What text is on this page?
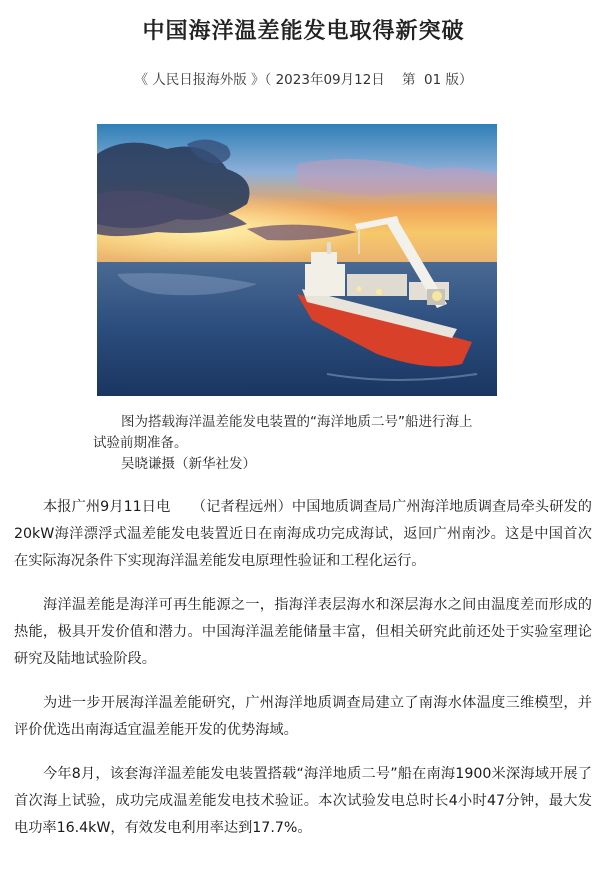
中国海洋温差能发电取得新突破
《 人民日报海外版 》（ 2023年09月12日    第  01 版）
图为搭载海洋温差能发电装置的“海洋地质二号”船进行海上
试验前期准备。
吴晓谦摄（新华社发）

本报广州9月11日电　　（记者程远州）中国地质调查局广州海洋地质调查局牵头研发的20kW海洋漂浮式温差能发电装置近日在南海成功完成海试，返回广州南沙。这是中国首次在实际海况条件下实现海洋温差能发电原理性验证和工程化运行。

海洋温差能是海洋可再生能源之一，指海洋表层海水和深层海水之间由温度差而形成的热能，极具开发价值和潜力。中国海洋温差能储量丰富，但相关研究此前还处于实验室理论研究及陆地试验阶段。

为进一步开展海洋温差能研究，广州海洋地质调查局建立了南海水体温度三维模型，并评价优选出南海适宜温差能开发的优势海域。

今年8月，该套海洋温差能发电装置搭载“海洋地质二号”船在南海1900米深海域开展了首次海上试验，成功完成温差能发电技术验证。本次试验发电总时长4小时47分钟，最大发电功率16.4kW，有效发电利用率达到17.7%。
